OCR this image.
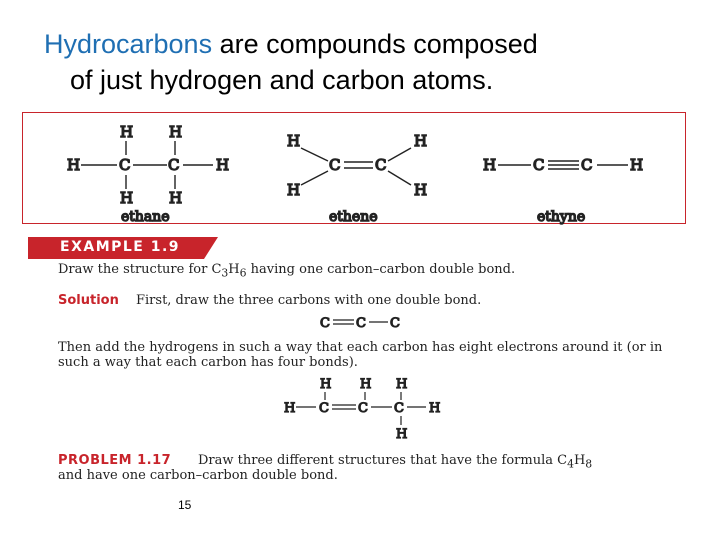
Hydrocarbons are compounds composed
of just hydrogen and carbon atoms.
H H
H	C	C H
H H
ethane
H	H
C C
H	H
ethene
H C C	H
ethyne
EXAMPLE 1.9
Draw the structure for $C_3H_6$ having one carbon–carbon double bond.
Solution First, draw the three carbons with one double bond.
C C C
Then add the hydrogens in such a way that each carbon has eight electrons around it (or in such a way that each carbon has four bonds).
H H H
H C C C H
H
PROBLEM 1.17 Draw three different structures that have the formula $C_4H_8$
and have one carbon–carbon double bond.
15
